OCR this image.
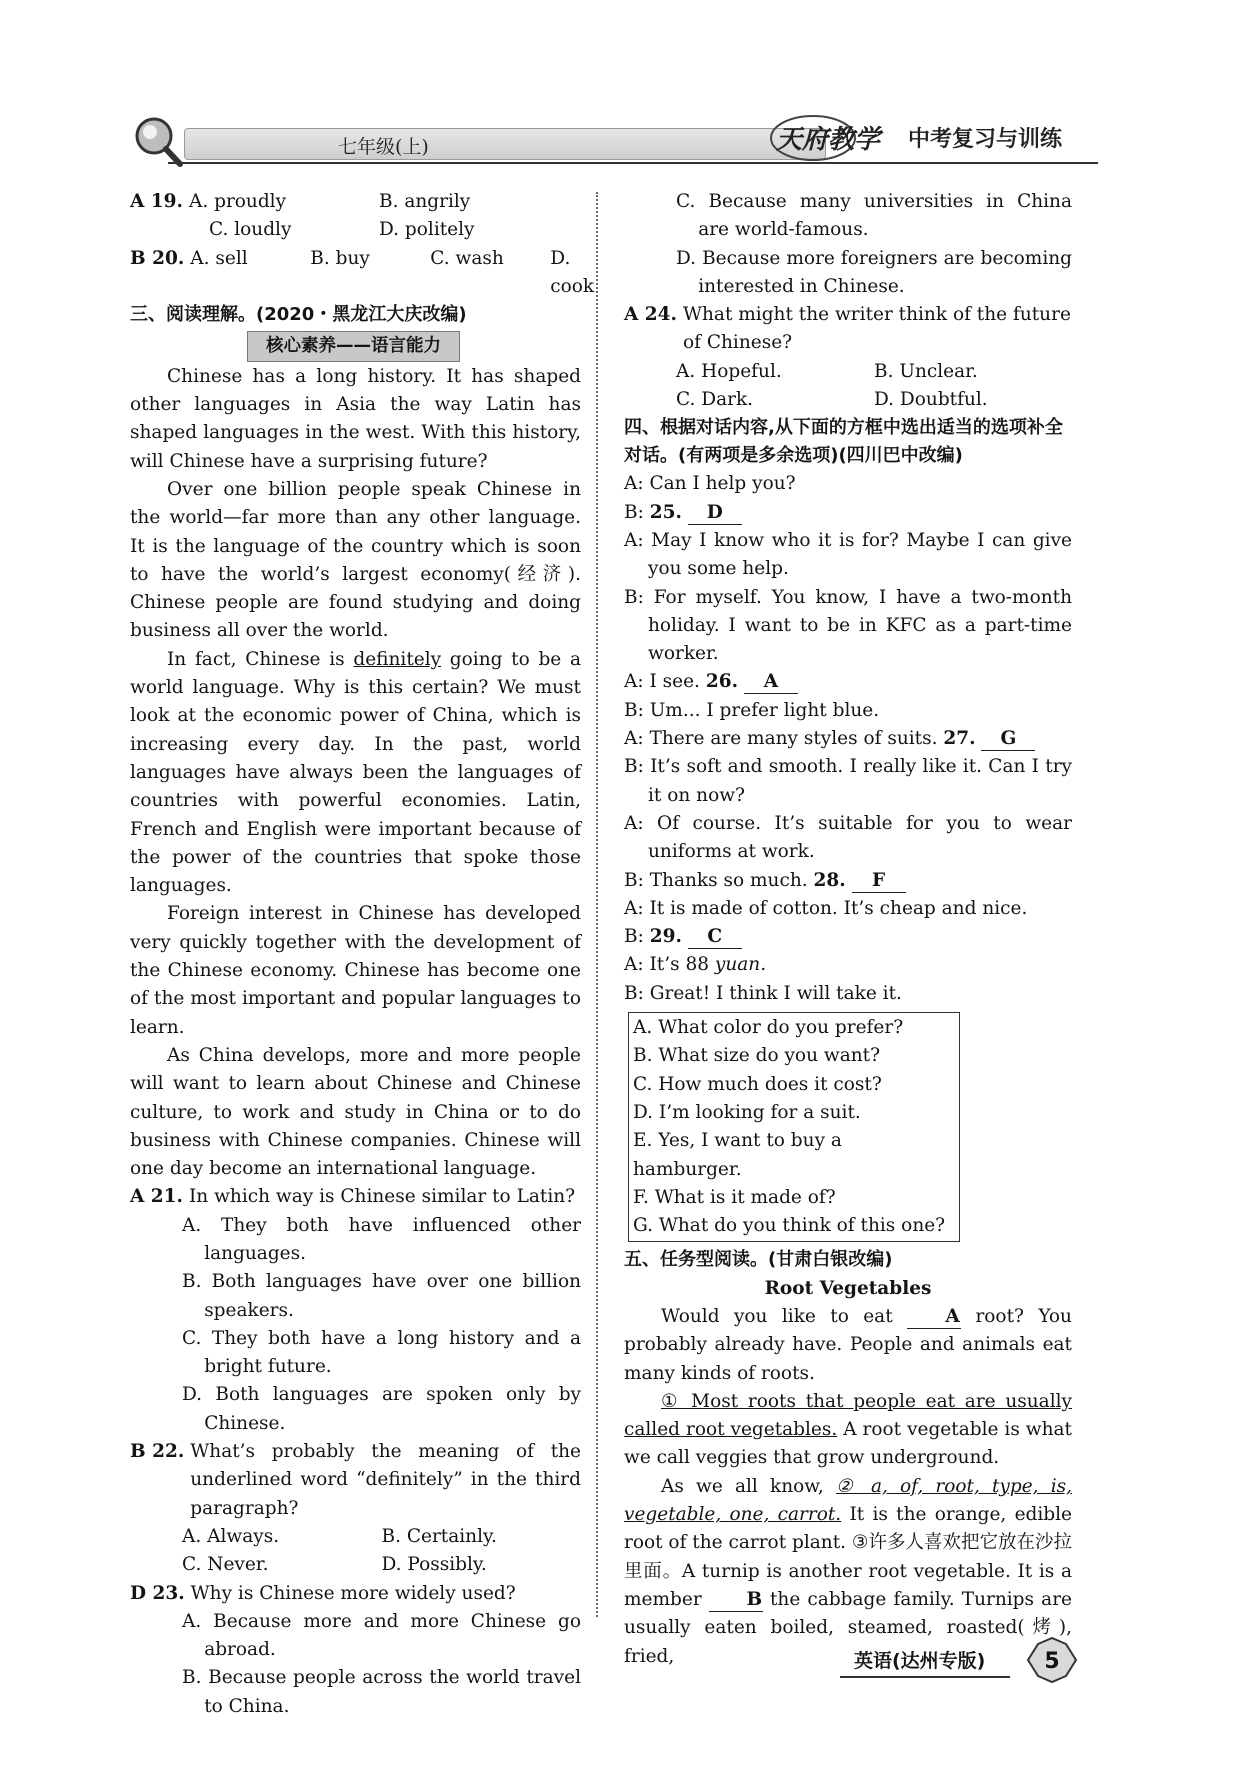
七年级(上)	天府教学 中考复习与训练
A 19. A. proudly	B. angrily
C. loudly	D. politely
B 20. A. sell	B. buy	C. wash	D. cook

三、阅读理解。(2020・黑龙江大庆改编)

核心素养——语言能力

Chinese has a long history. It has shaped other languages in Asia the way Latin has shaped languages in the west. With this history, will Chinese have a surprising future?

Over one billion people speak Chinese in the world—far more than any other language. It is the language of the country which is soon to have the world’s largest economy(经济). Chinese people are found studying and doing business all over the world.

In fact, Chinese is definitely going to be a world language. Why is this certain? We must look at the economic power of China, which is increasing every day. In the past, world languages have always been the languages of countries with powerful economies. Latin, French and English were important because of the power of the countries that spoke those languages.

Foreign interest in Chinese has developed very quickly together with the development of the Chinese economy. Chinese has become one of the most important and popular languages to learn.

As China develops, more and more people will want to learn about Chinese and Chinese culture, to work and study in China or to do business with Chinese companies. Chinese will one day become an international language.

A 21. In which way is Chinese similar to Latin?

A. They both have influenced other languages.

B. Both languages have over one billion speakers.

C. They both have a long history and a bright future.

D. Both languages are spoken only by Chinese.

B 22. What’s probably the meaning of the underlined word “definitely” in the third paragraph?
A. Always.	B. Certainly.
C. Never.	D. Possibly.
D 23. Why is Chinese more widely used?

A. Because more and more Chinese go abroad.

B. Because people across the world travel to China.

C. Because many universities in China are world-famous.

D. Because more foreigners are becoming interested in Chinese.

A 24. What might the writer think of the future of Chinese?
A. Hopeful.	B. Unclear.
C. Dark.	D. Doubtful.

四、根据对话内容,从下面的方框中选出适当的选项补全对话。(有两项是多余选项)(四川巴中改编)

A: Can I help you?

B: 25. D

A: May I know who it is for? Maybe I can give you some help.

B: For myself. You know, I have a two-month holiday. I want to be in KFC as a part-time worker.

A: I see. 26. A

B: Um... I prefer light blue.

A: There are many styles of suits. 27. G

B: It’s soft and smooth. I really like it. Can I try it on now?

A: Of course. It’s suitable for you to wear uniforms at work.

B: Thanks so much. 28. F

A: It is made of cotton. It’s cheap and nice.

B: 29. C

A: It’s 88 yuan.

B: Great! I think I will take it.

A. What color do you prefer?

B. What size do you want?

C. How much does it cost?

D. I’m looking for a suit.

E. Yes, I want to buy a hamburger.

F. What is it made of?

G. What do you think of this one?

五、任务型阅读。(甘肃白银改编)

Root Vegetables

Would you like to eat A root? You probably already have. People and animals eat many kinds of roots.

① Most roots that people eat are usually called root vegetables. A root vegetable is what we call veggies that grow underground.

As we all know, ② a, of, root, type, is, vegetable, one, carrot. It is the orange, edible root of the carrot plant. ③许多人喜欢把它放在沙拉里面。A turnip is another root vegetable. It is a member B the cabbage family. Turnips are usually eaten boiled, steamed, roasted(烤), fried,	英语(达州专版)	5
